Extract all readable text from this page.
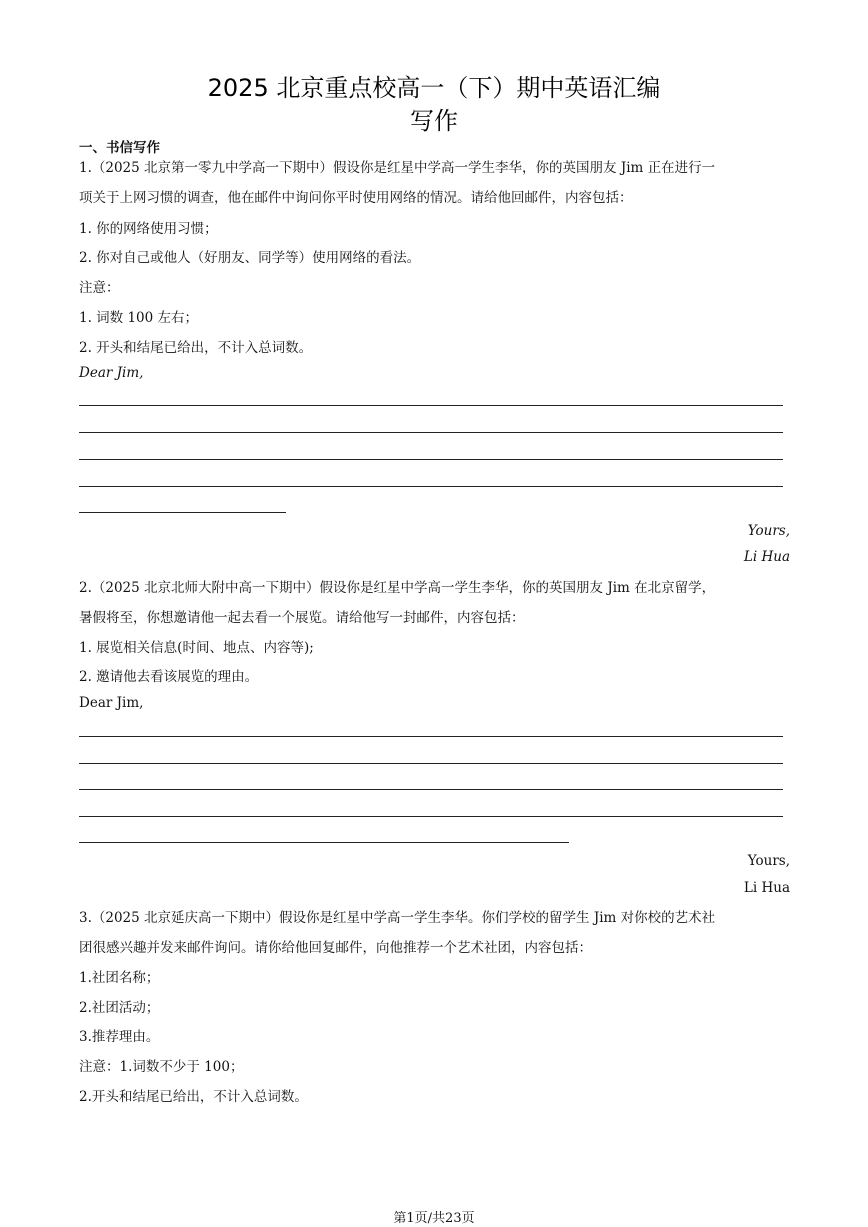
2025 北京重点校高一（下）期中英语汇编
写作
一、书信写作
1.（2025 北京第一零九中学高一下期中）假设你是红星中学高一学生李华，你的英国朋友 Jim 正在进行一
项关于上网习惯的调查，他在邮件中询问你平时使用网络的情况。请给他回邮件，内容包括：
1. 你的网络使用习惯；
2. 你对自己或他人（好朋友、同学等）使用网络的看法。
注意：
1. 词数 100 左右；
2. 开头和结尾已给出，不计入总词数。
Dear Jim,
Yours,
Li Hua
2.（2025 北京北师大附中高一下期中）假设你是红星中学高一学生李华，你的英国朋友 Jim 在北京留学，
暑假将至，你想邀请他一起去看一个展览。请给他写一封邮件，内容包括：
1. 展览相关信息(时间、地点、内容等);
2. 邀请他去看该展览的理由。
Dear Jim,
Yours,
Li Hua
3.（2025 北京延庆高一下期中）假设你是红星中学高一学生李华。你们学校的留学生 Jim 对你校的艺术社
团很感兴趣并发来邮件询问。请你给他回复邮件，向他推荐一个艺术社团，内容包括：
1.社团名称；
2.社团活动；
3.推荐理由。
注意：1.词数不少于 100；
2.开头和结尾已给出，不计入总词数。
第1页/共23页
